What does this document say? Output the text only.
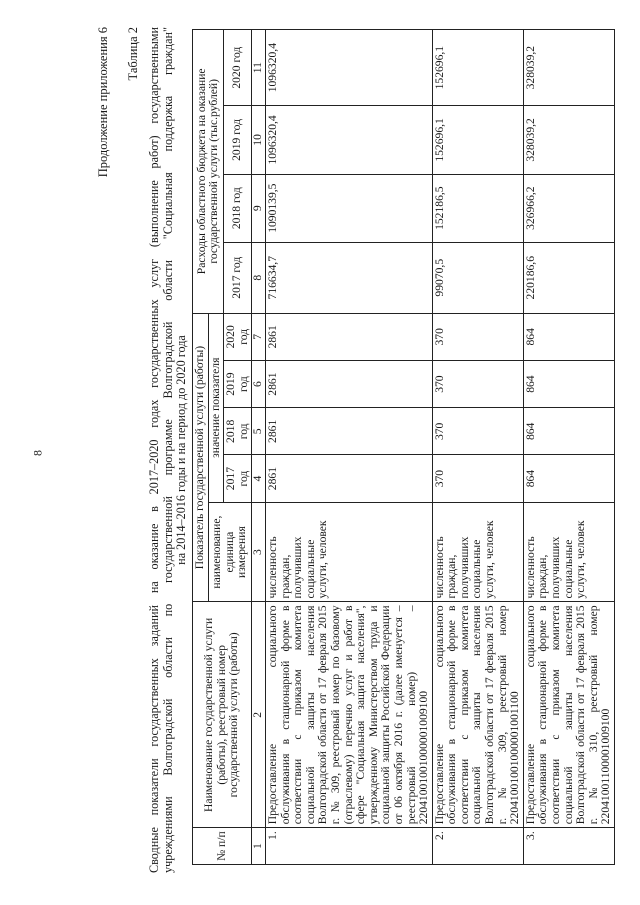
8
Продолжение приложения 6 Таблица 2 Сводные показатели государственных заданий на оказание в 2017–2020 годах государственных услуг (выполнение работ) государственными учреждениями Волгоградской области по государственной программе Волгоградской области "Социальная поддержка граждан" на 2014–2016 годы и на период до 2020 года
№ п/п	Наименование государственной услуги (работы), реестровый номер государственной услуги (работы)	Показатель государственной услуги (работы)					Расходы областного бюджета на оказание государственной услуги (тыс.рублей)			
		наименование, единица измерения	значение показателя							
			2017 год	2018 год	2019 год	2020 год	2017 год	2018 год	2019 год	2020 год
1	2	3	4	5	6	7	8	9	10	11
1.	Предоставление социального обслуживания в стационарной форме в соответствии с приказом комитета социальной защиты населения Волгоградской области от 17 февраля 2015 г. № 309, реестровый номер по базовому (отраслевому) перечню услуг и работ в сфере "Социальная защита населения", утвержденному Министерством труда и социальной защиты Российской Федерации от 06 октября 2016 г. (далее именуется – реестровый номер) – 22041001001000001009100	численность граждан, получивших социальные услуги, человек	2861	2861	2861	2861	716634,7	1090139,5	1096320,4	1096320,4
2.	Предоставление социального обслуживания в стационарной форме в соответствии с приказом комитета социальной защиты населения Волгоградской области от 17 февраля 2015 г. № 309, реестровый номер 22041001001000001001100	численность граждан, получивших социальные услуги, человек	370	370	370	370	99070,5	152186,5	152696,1	152696,1
3.	Предоставление социального обслуживания в стационарной форме в соответствии с приказом комитета социальной защиты населения Волгоградской области от 17 февраля 2015 г. № 310, реестровый номер 22041001100001009100	численность граждан, получивших социальные услуги, человек	864	864	864	864	220186,6	326966,2	328039,2	328039,2
